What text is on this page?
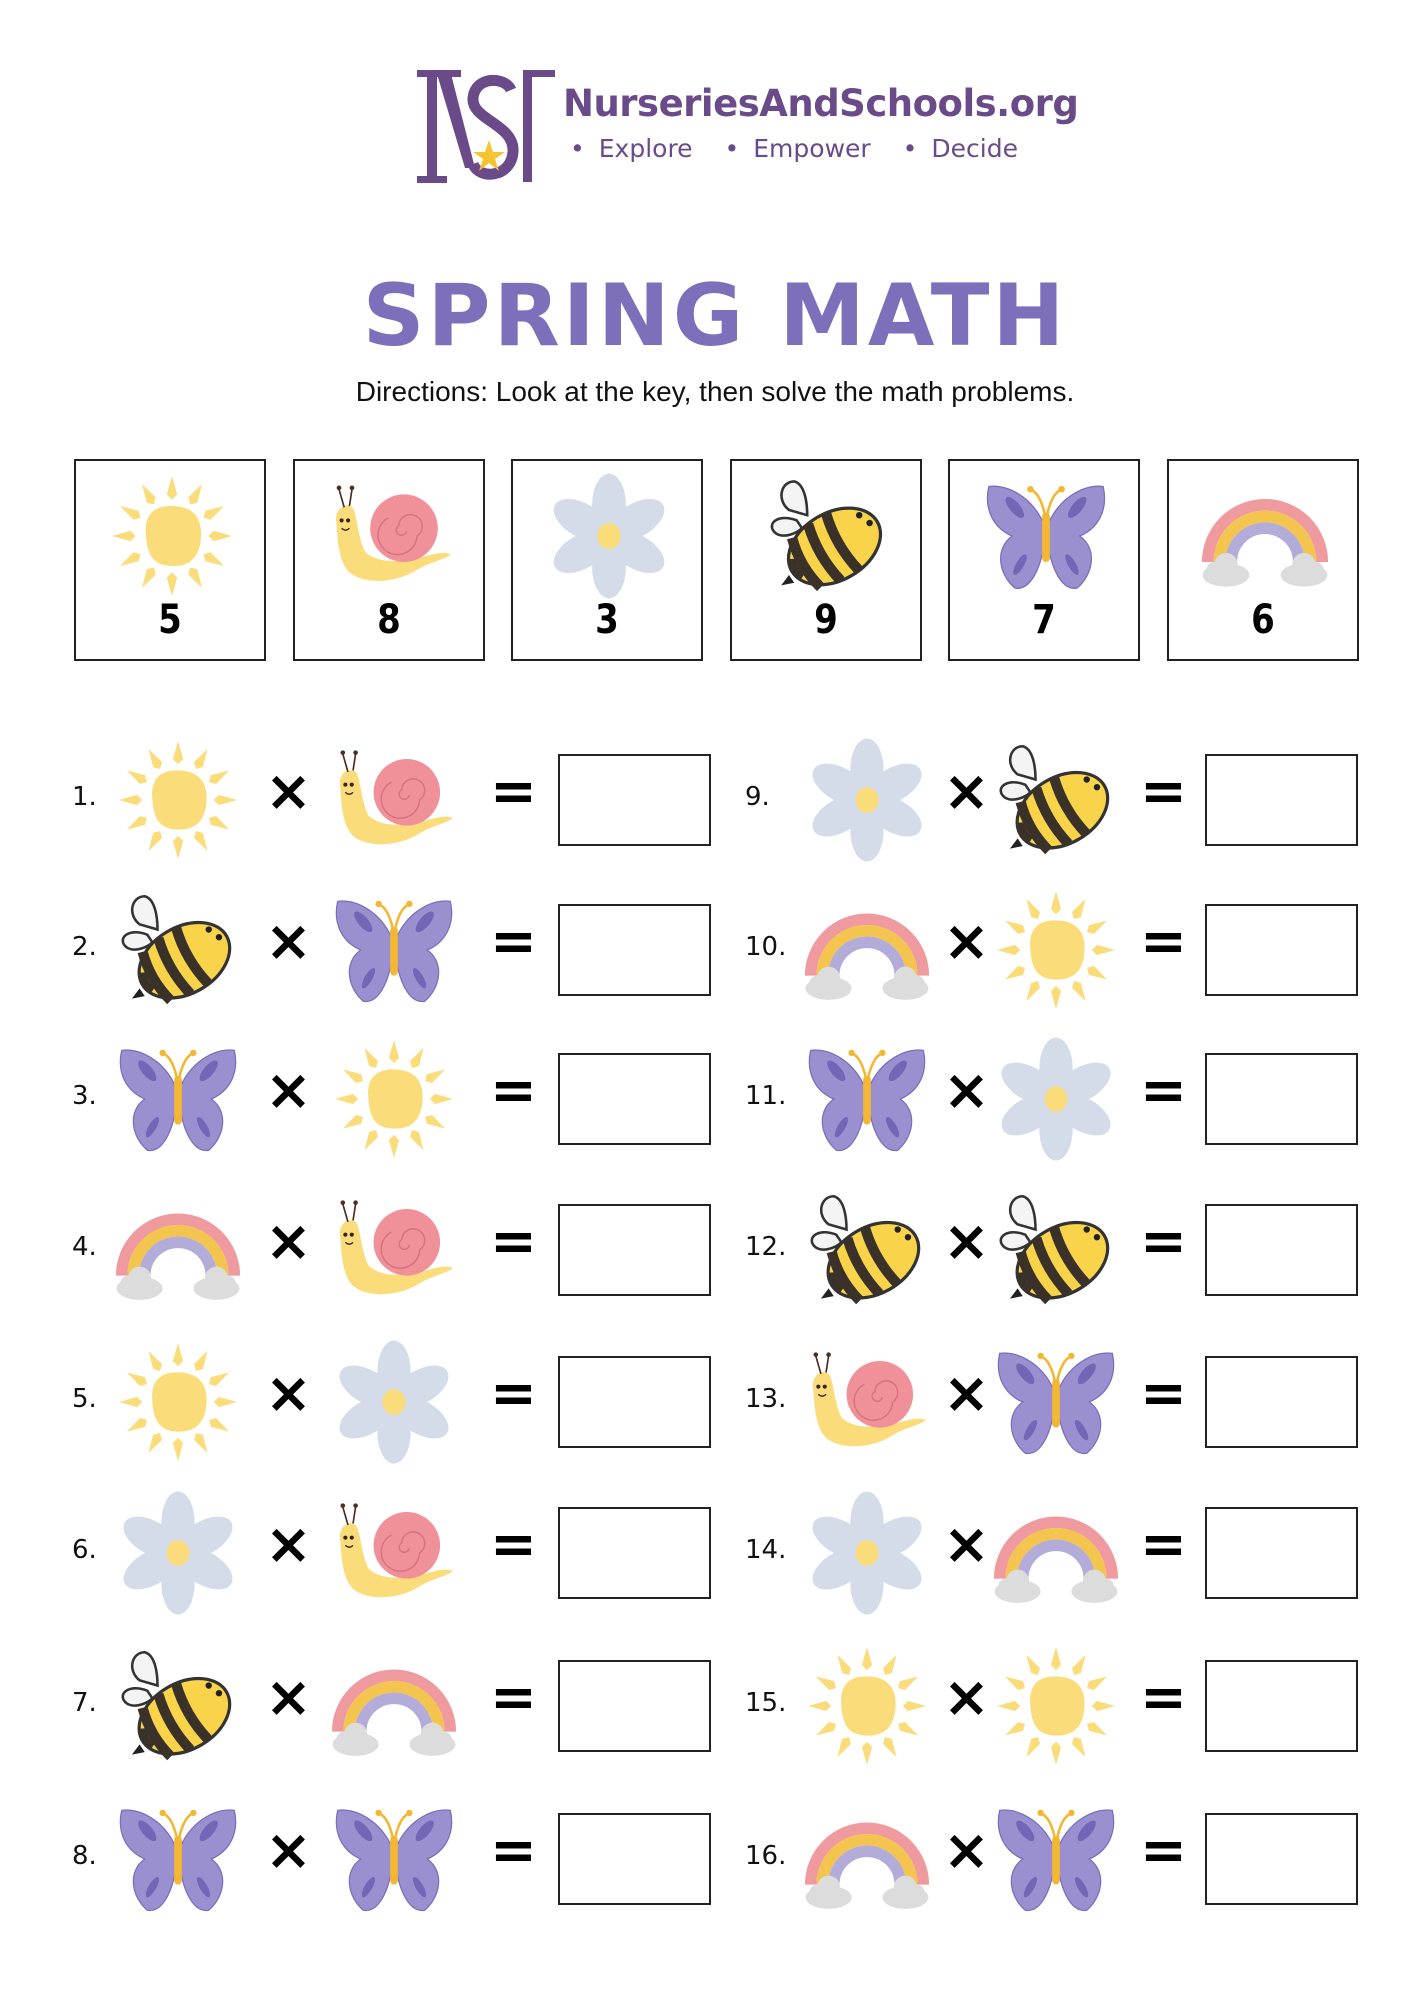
NurseriesAndSchools.org
• Explore • Empower • Decide
SPRING MATH
Directions: Look at the key, then solve the math problems.
5	8	3	9	7	6
1.	×	=
2.	×	=
3.	×	=
4.	×	=
5.	×	=
6.	×	=
7.	×	=
8.	×	=
9.	×	=
10.	×	=
11.	×	=
12.	×	=
13.	×	=
14.	×	=
15.	×	=
16.	×	=
